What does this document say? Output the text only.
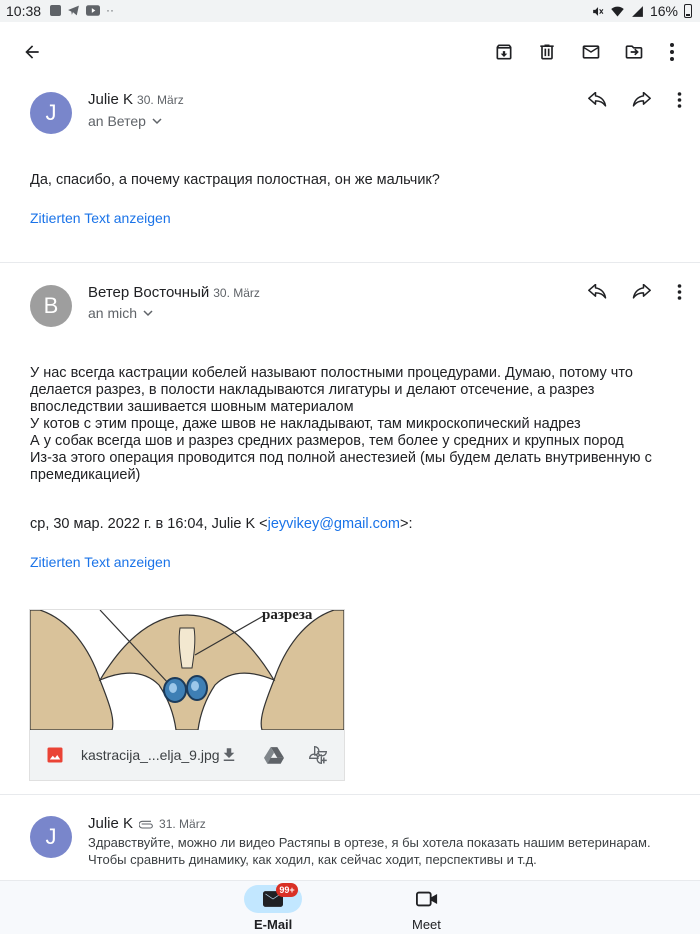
10:38	··	16%
J
Julie K 30. März
an Ветер
Да, спасибо, а почему кастрация полостная, он же мальчик?
Zitierten Text anzeigen
B
Ветер Восточный 30. März
an mich
У нас всегда кастрации кобелей называют полостными процедурами. Думаю, потому что делается разрез, в полости накладываются лигатуры и делают отсечение, а разрез впоследствии зашивается шовным материалом
У котов с этим проще, даже швов не накладывают, там микроскопический надрез
А у собак всегда шов и разрез средних размеров, тем более у средних и крупных пород
Из-за этого операция проводится под полной анестезией (мы будем делать внутривенную с премедикацией)
ср, 30 мар. 2022 г. в 16:04, Julie K <jeyvikey@gmail.com>:
Zitierten Text anzeigen
разреза
kastracija_...elja_9.jpg
J
Julie K 31. März
Здравствуйте, можно ли видео Растяпы в ортезе, я бы хотела показать нашим ветеринарам. Чтобы сравнить динамику, как ходил, как сейчас ходит, перспективы и т.д.
E-Mail	Meet
99+
